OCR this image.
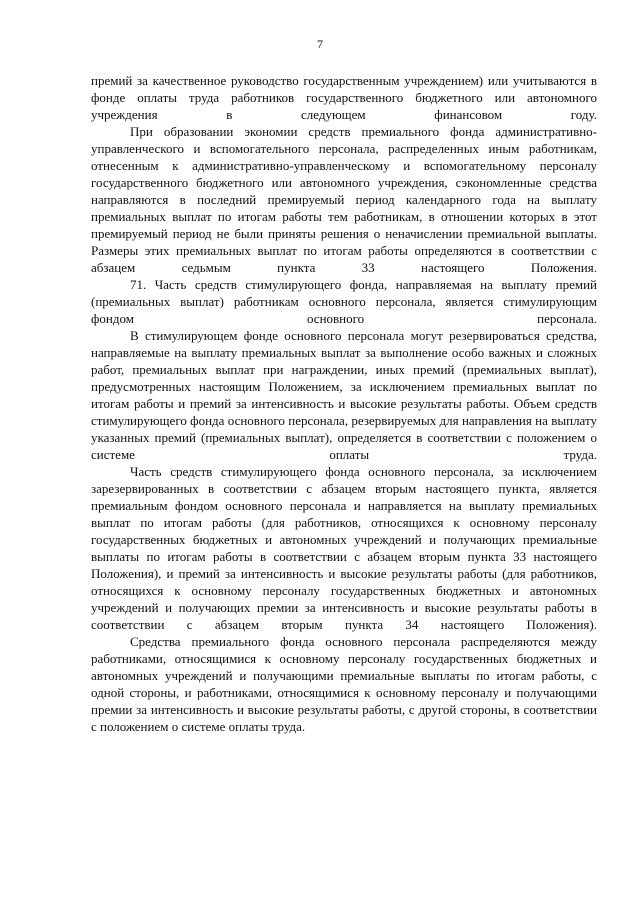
7

премий за качественное руководство государственным учреждением) или учитываются в фонде оплаты труда работников государственного бюджетного или автономного учреждения в следующем финансовом году.

При образовании экономии средств премиального фонда административно-управленческого и вспомогательного персонала, распределенных иным работникам, отнесенным к административно-управленческому и вспомогательному персоналу государственного бюджетного или автономного учреждения, сэкономленные средства направляются в последний премируемый период календарного года на выплату премиальных выплат по итогам работы тем работникам, в отношении которых в этот премируемый период не были приняты решения о неначислении премиальной выплаты. Размеры этих премиальных выплат по итогам работы определяются в соответствии с абзацем седьмым пункта 33 настоящего Положения.

71. Часть средств стимулирующего фонда, направляемая на выплату премий (премиальных выплат) работникам основного персонала, является стимулирующим фондом основного персонала.

В стимулирующем фонде основного персонала могут резервироваться средства, направляемые на выплату премиальных выплат за выполнение особо важных и сложных работ, премиальных выплат при награждении, иных премий (премиальных выплат), предусмотренных настоящим Положением, за исключением премиальных выплат по итогам работы и премий за интенсивность и высокие результаты работы. Объем средств стимулирующего фонда основного персонала, резервируемых для направления на выплату указанных премий (премиальных выплат), определяется в соответствии с положением о системе оплаты труда.

Часть средств стимулирующего фонда основного персонала, за исключением зарезервированных в соответствии с абзацем вторым настоящего пункта, является премиальным фондом основного персонала и направляется на выплату премиальных выплат по итогам работы (для работников, относящихся к основному персоналу государственных бюджетных и автономных учреждений и получающих премиальные выплаты по итогам работы в соответствии с абзацем вторым пункта 33 настоящего Положения), и премий за интенсивность и высокие результаты работы (для работников, относящихся к основному персоналу государственных бюджетных и автономных учреждений и получающих премии за интенсивность и высокие результаты работы в соответствии с абзацем вторым пункта 34 настоящего Положения).

Средства премиального фонда основного персонала распределяются между работниками, относящимися к основному персоналу государственных бюджетных и автономных учреждений и получающими премиальные выплаты по итогам работы, с одной стороны, и работниками, относящимися к основному персоналу и получающими премии за интенсивность и высокие результаты работы, с другой стороны, в соответствии с положением о системе оплаты труда.
